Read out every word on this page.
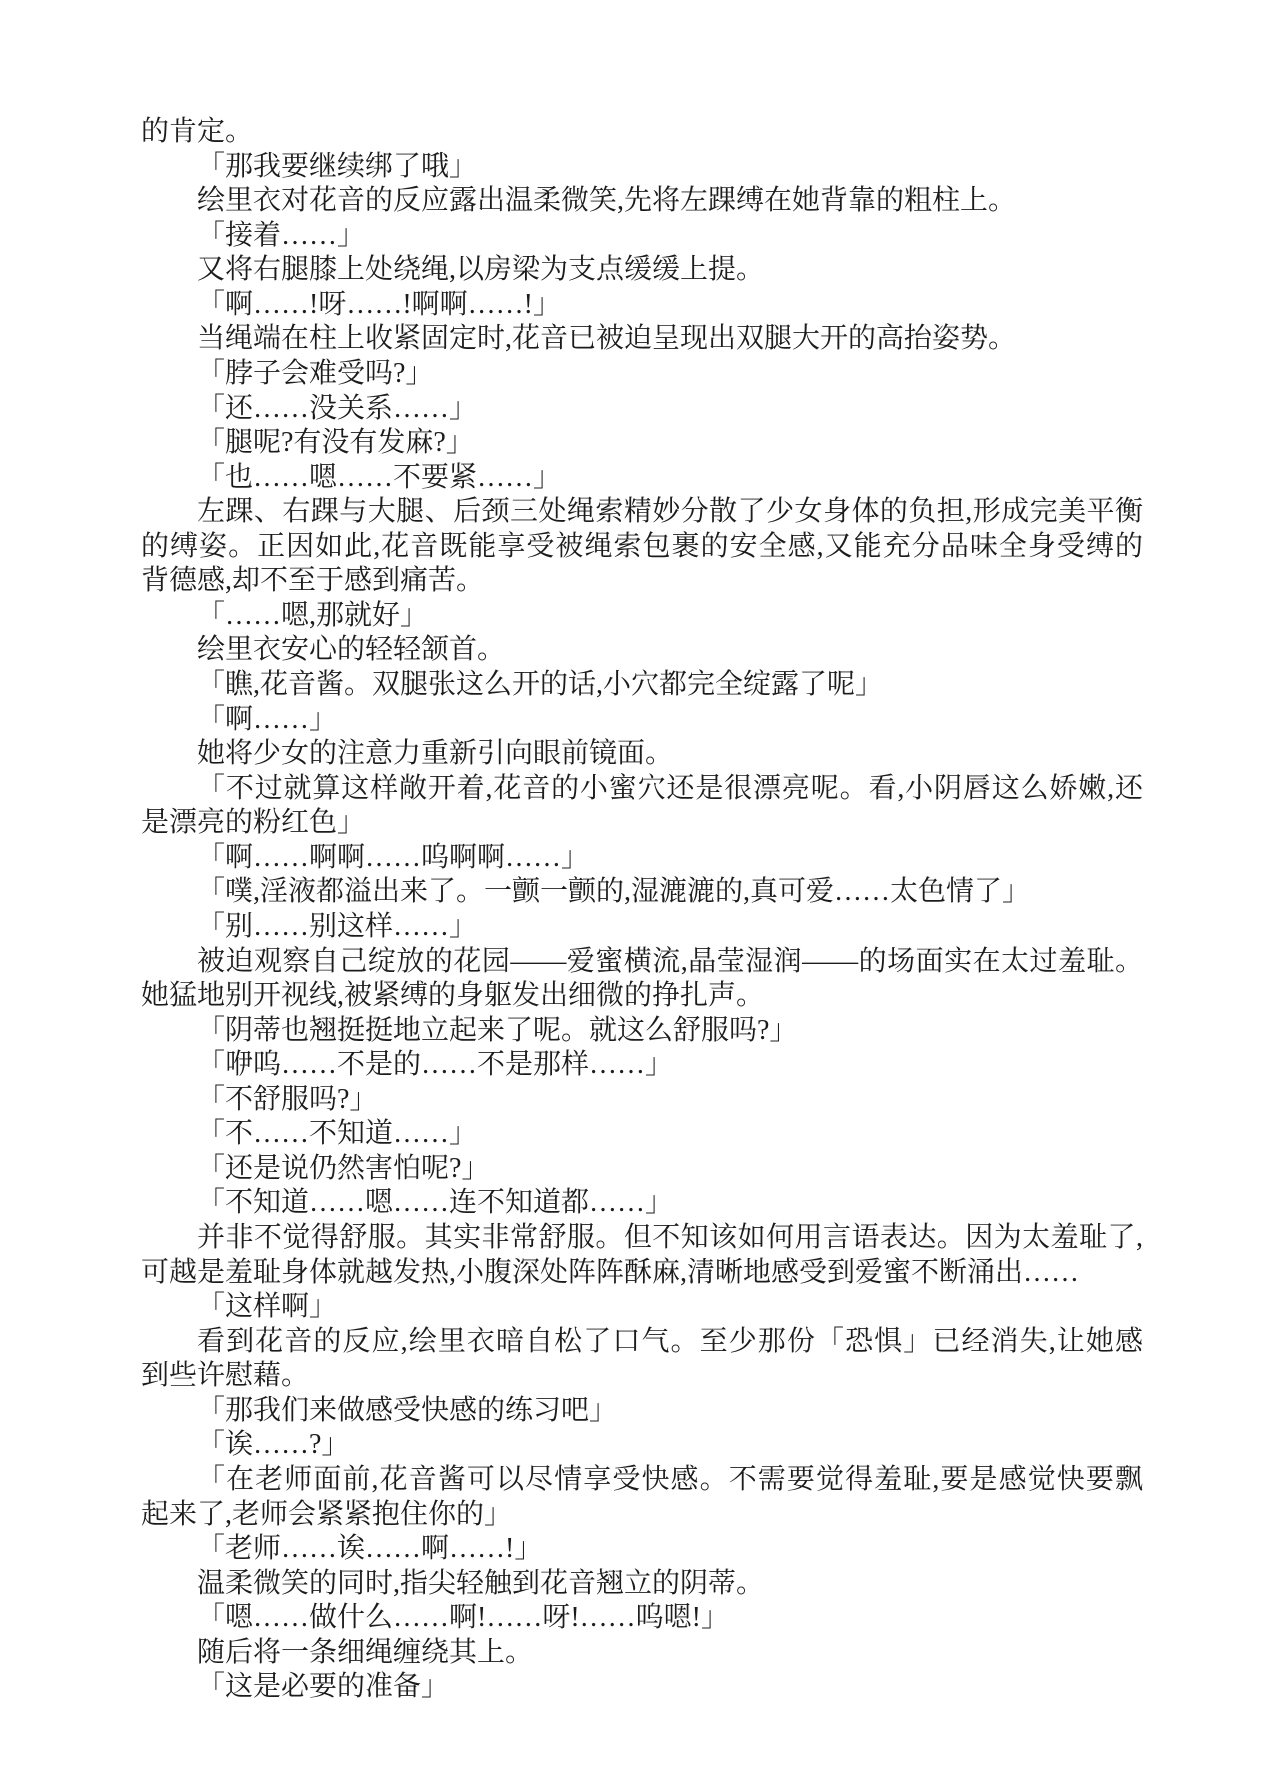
的肯定。
「那我要继续绑了哦」
绘里衣对花音的反应露出温柔微笑,先将左踝缚在她背靠的粗柱上。
「接着……」
又将右腿膝上处绕绳,以房梁为支点缓缓上提。
「啊……!呀……!啊啊……!」
当绳端在柱上收紧固定时,花音已被迫呈现出双腿大开的高抬姿势。
「脖子会难受吗?」
「还……没关系……」
「腿呢?有没有发麻?」
「也……嗯……不要紧……」
左踝、右踝与大腿、后颈三处绳索精妙分散了少女身体的负担,形成完美平衡
的缚姿。正因如此,花音既能享受被绳索包裹的安全感,又能充分品味全身受缚的
背德感,却不至于感到痛苦。
「……嗯,那就好」
绘里衣安心的轻轻颔首。
「瞧,花音酱。双腿张这么开的话,小穴都完全绽露了呢」
「啊……」
她将少女的注意力重新引向眼前镜面。
「不过就算这样敞开着,花音的小蜜穴还是很漂亮呢。看,小阴唇这么娇嫩,还
是漂亮的粉红色」
「啊……啊啊……呜啊啊……」
「噗,淫液都溢出来了。一颤一颤的,湿漉漉的,真可爱……太色情了」
「别……别这样……」
被迫观察自己绽放的花园——爱蜜横流,晶莹湿润——的场面实在太过羞耻。
她猛地别开视线,被紧缚的身躯发出细微的挣扎声。
「阴蒂也翘挺挺地立起来了呢。就这么舒服吗?」
「咿呜……不是的……不是那样……」
「不舒服吗?」
「不……不知道……」
「还是说仍然害怕呢?」
「不知道……嗯……连不知道都……」
并非不觉得舒服。其实非常舒服。但不知该如何用言语表达。因为太羞耻了,
可越是羞耻身体就越发热,小腹深处阵阵酥麻,清晰地感受到爱蜜不断涌出……
「这样啊」
看到花音的反应,绘里衣暗自松了口气。至少那份「恐惧」已经消失,让她感
到些许慰藉。
「那我们来做感受快感的练习吧」
「诶……?」
「在老师面前,花音酱可以尽情享受快感。不需要觉得羞耻,要是感觉快要飘
起来了,老师会紧紧抱住你的」
「老师……诶……啊……!」
温柔微笑的同时,指尖轻触到花音翘立的阴蒂。
「嗯……做什么……啊!……呀!……呜嗯!」
随后将一条细绳缠绕其上。
「这是必要的准备」
